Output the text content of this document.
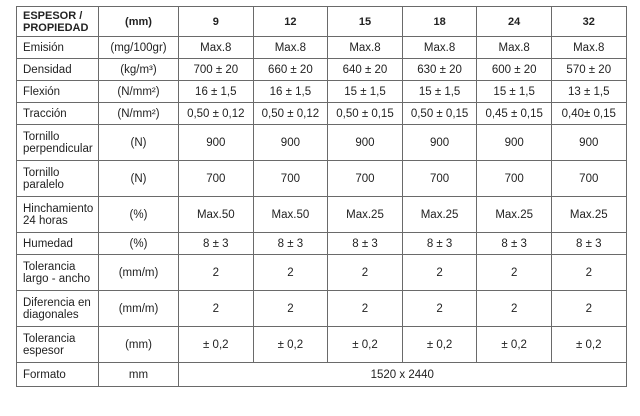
ESPESOR / PROPIEDAD	(mm)	9	12	15	18	24	32
Emisión	(mg/100gr)	Max.8	Max.8	Max.8	Max.8	Max.8	Max.8
Densidad	(kg/m³)	700 ± 20	660 ± 20	640 ± 20	630 ± 20	600 ± 20	570 ± 20
Flexión	(N/mm²)	16 ± 1,5	16 ± 1,5	15 ± 1,5	15 ± 1,5	15 ± 1,5	13 ± 1,5
Tracción	(N/mm²)	0,50 ± 0,12	0,50 ± 0,12	0,50 ± 0,15	0,50 ± 0,15	0,45 ± 0,15	0,40± 0,15
Tornillo perpendicular	(N)	900	900	900	900	900	900
Tornillo paralelo	(N)	700	700	700	700	700	700
Hinchamiento 24 horas	(%)	Max.50	Max.50	Max.25	Max.25	Max.25	Max.25
Humedad	(%)	8 ± 3	8 ± 3	8 ± 3	8 ± 3	8 ± 3	8 ± 3
Tolerancia largo - ancho	(mm/m)	2	2	2	2	2	2
Diferencia en diagonales	(mm/m)	2	2	2	2	2	2
Tolerancia espesor	(mm)	± 0,2	± 0,2	± 0,2	± 0,2	± 0,2	± 0,2
Formato	mm	1520 x 2440					
